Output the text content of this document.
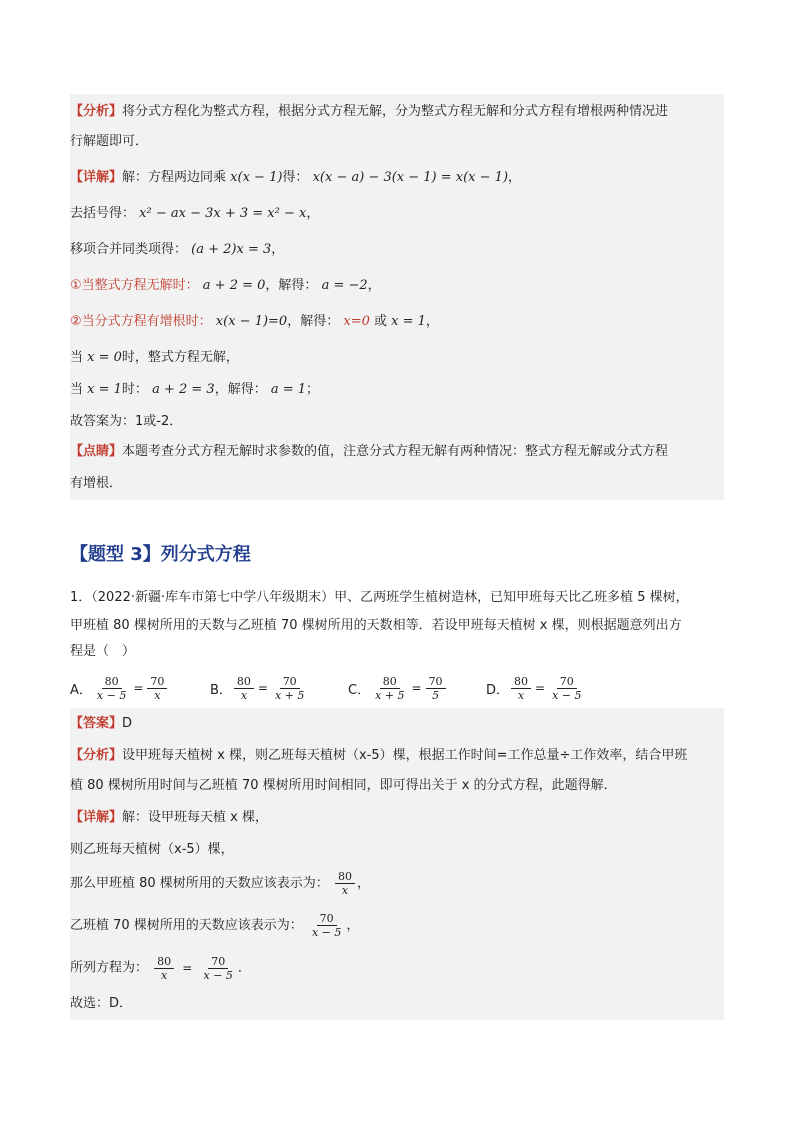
【分析】将分式方程化为整式方程，根据分式方程无解，分为整式方程无解和分式方程有增根两种情况进
行解题即可．
【详解】解：方程两边同乘 x(x − 1)得： x(x − a) − 3(x − 1) = x(x − 1)，
去括号得： x² − ax − 3x + 3 = x² − x，
移项合并同类项得： (a + 2)x = 3，
①当整式方程无解时： a + 2 = 0，解得： a = −2，
②当分式方程有增根时： x(x − 1)=0，解得： x=0 或 x = 1，
当 x = 0时，整式方程无解，
当 x = 1时： a + 2 = 3，解得： a = 1；
故答案为：1或-2．
【点睛】本题考查分式方程无解时求参数的值，注意分式方程无解有两种情况：整式方程无解或分式方程
有增根．
【题型 3】列分式方程
1．（2022·新疆·库车市第七中学八年级期末）甲、乙两班学生植树造林，已知甲班每天比乙班多植 5 棵树，
甲班植 80 棵树所用的天数与乙班植 70 棵树所用的天数相等．若设甲班每天植树 x 棵，则根据题意列出方
程是（　）
A． $\frac{80}{x - 5} = \frac{70}{x}$	B． $\frac{80}{x} = \frac{70}{x + 5}$	C． $\frac{80}{x + 5} = \frac{70}{5}$	D． $\frac{80}{x} = \frac{70}{x - 5}$
【答案】D
【分析】设甲班每天植树 x 棵，则乙班每天植树（x-5）棵，根据工作时间=工作总量÷工作效率，结合甲班
植 80 棵树所用时间与乙班植 70 棵树所用时间相同，即可得出关于 x 的分式方程，此题得解．
【详解】解：设甲班每天植 x 棵，
则乙班每天植树（x-5）棵，
那么甲班植 80 棵树所用的天数应该表示为： $\frac{80}{x}$ ，
乙班植 70 棵树所用的天数应该表示为： $\frac{70}{x - 5}$ ，
所列方程为： $\frac{80}{x} = \frac{70}{x - 5}$ ．
故选：D．
